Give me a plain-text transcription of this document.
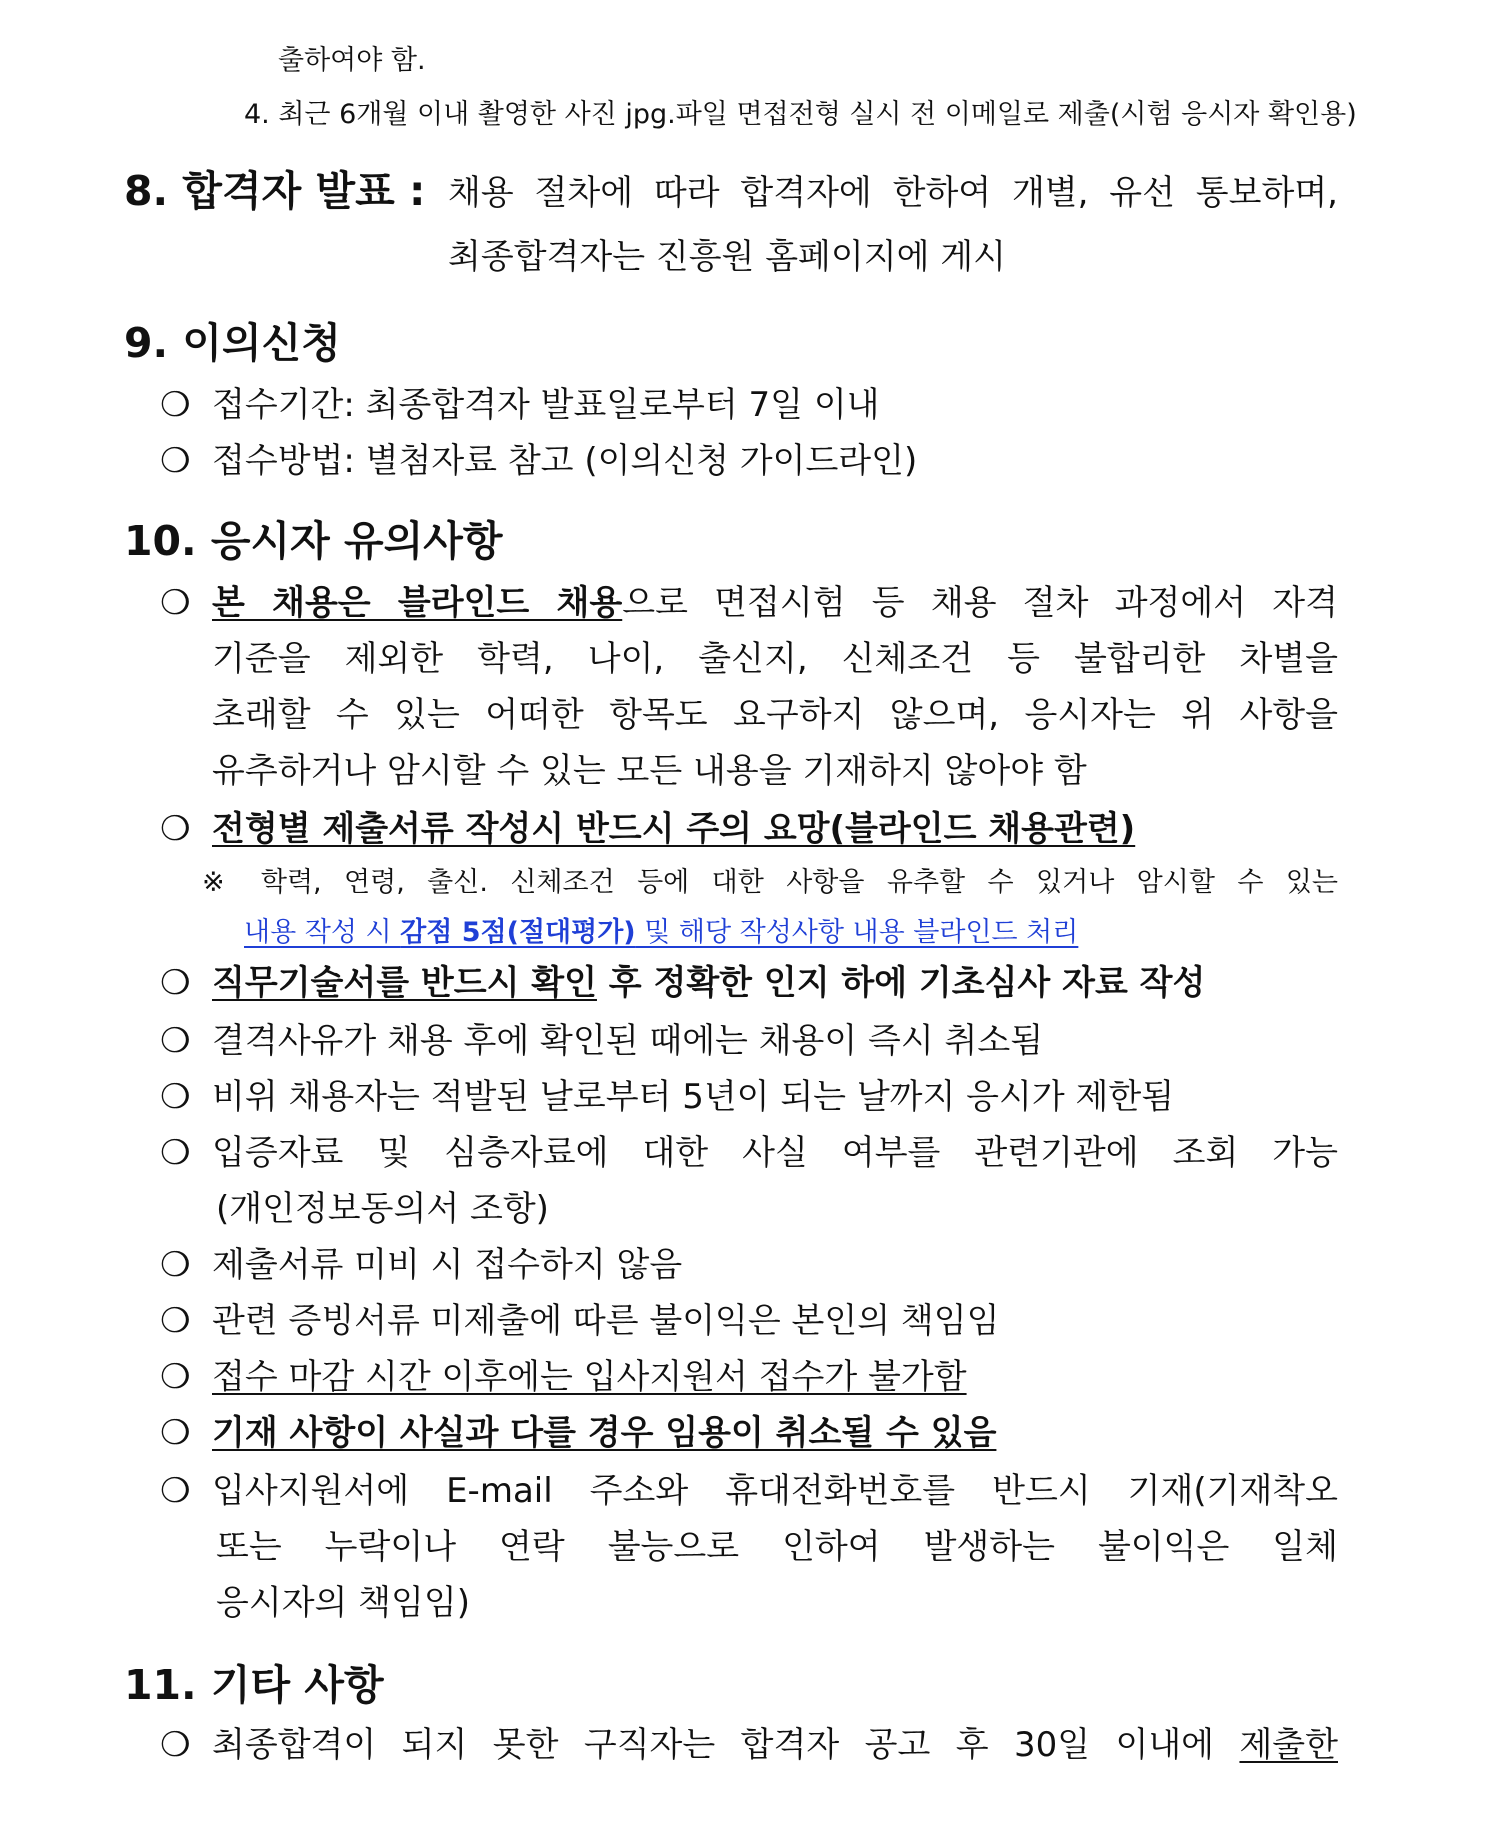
출하여야 함.
4. 최근 6개월 이내 촬영한 사진 jpg.파일 면접전형 실시 전 이메일로 제출(시험 응시자 확인용)
8. 합격자 발표 : 채용 절차에 따라 합격자에 한하여 개별, 유선 통보하며,
최종합격자는 진흥원 홈페이지에 게시
9. 이의신청
❍ 접수기간: 최종합격자 발표일로부터 7일 이내
❍ 접수방법: 별첨자료 참고 (이의신청 가이드라인)
10. 응시자 유의사항
❍ 본 채용은 블라인드 채용으로 면접시험 등 채용 절차 과정에서 자격
기준을 제외한 학력, 나이, 출신지, 신체조건 등 불합리한 차별을
초래할 수 있는 어떠한 항목도 요구하지 않으며, 응시자는 위 사항을
유추하거나 암시할 수 있는 모든 내용을 기재하지 않아야 함
❍ 전형별 제출서류 작성시 반드시 주의 요망(블라인드 채용관련)
※ 학력, 연령, 출신. 신체조건 등에 대한 사항을 유추할 수 있거나 암시할 수 있는
내용 작성 시 감점 5점(절대평가) 및 해당 작성사항 내용 블라인드 처리
❍ 직무기술서를 반드시 확인 후 정확한 인지 하에 기초심사 자료 작성
❍ 결격사유가 채용 후에 확인된 때에는 채용이 즉시 취소됨
❍ 비위 채용자는 적발된 날로부터 5년이 되는 날까지 응시가 제한됨
❍ 입증자료 및 심층자료에 대한 사실 여부를 관련기관에 조회 가능
(개인정보동의서 조항)
❍ 제출서류 미비 시 접수하지 않음
❍ 관련 증빙서류 미제출에 따른 불이익은 본인의 책임임
❍ 접수 마감 시간 이후에는 입사지원서 접수가 불가함
❍ 기재 사항이 사실과 다를 경우 임용이 취소될 수 있음
❍ 입사지원서에 E-mail 주소와 휴대전화번호를 반드시 기재(기재착오
또는 누락이나 연락 불능으로 인하여 발생하는 불이익은 일체
응시자의 책임임)
11. 기타 사항
❍ 최종합격이 되지 못한 구직자는 합격자 공고 후 30일 이내에 제출한
